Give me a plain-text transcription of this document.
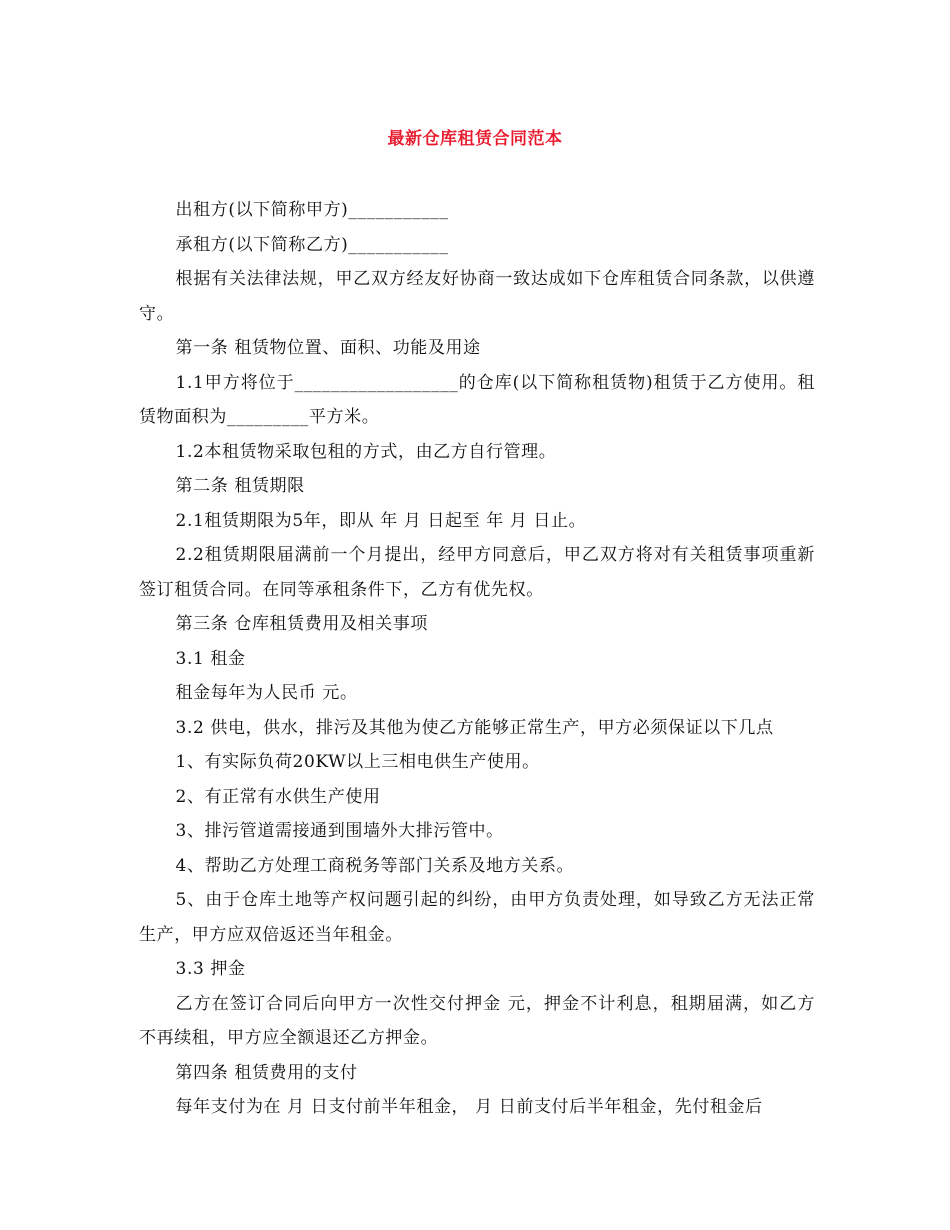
最新仓库租赁合同范本

出租方(以下简称甲方)___________

承租方(以下简称乙方)___________

根据有关法律法规，甲乙双方经友好协商一致达成如下仓库租赁合同条款，以供遵守。

第一条 租赁物位置、面积、功能及用途

1.1甲方将位于__________________的仓库(以下简称租赁物)租赁于乙方使用。租赁物面积为_________平方米。

1.2本租赁物采取包租的方式，由乙方自行管理。

第二条 租赁期限

2.1租赁期限为5年，即从 年 月 日起至 年 月 日止。

2.2租赁期限届满前一个月提出，经甲方同意后，甲乙双方将对有关租赁事项重新签订租赁合同。在同等承租条件下，乙方有优先权。

第三条 仓库租赁费用及相关事项

3.1 租金

租金每年为人民币 元。

3.2 供电，供水，排污及其他为使乙方能够正常生产，甲方必须保证以下几点

1、有实际负荷20KW以上三相电供生产使用。

2、有正常有水供生产使用

3、排污管道需接通到围墙外大排污管中。

4、帮助乙方处理工商税务等部门关系及地方关系。

5、由于仓库土地等产权问题引起的纠纷，由甲方负责处理，如导致乙方无法正常生产，甲方应双倍返还当年租金。

3.3 押金

乙方在签订合同后向甲方一次性交付押金 元，押金不计利息，租期届满，如乙方不再续租，甲方应全额退还乙方押金。

第四条 租赁费用的支付

每年支付为在 月 日支付前半年租金， 月 日前支付后半年租金，先付租金后
